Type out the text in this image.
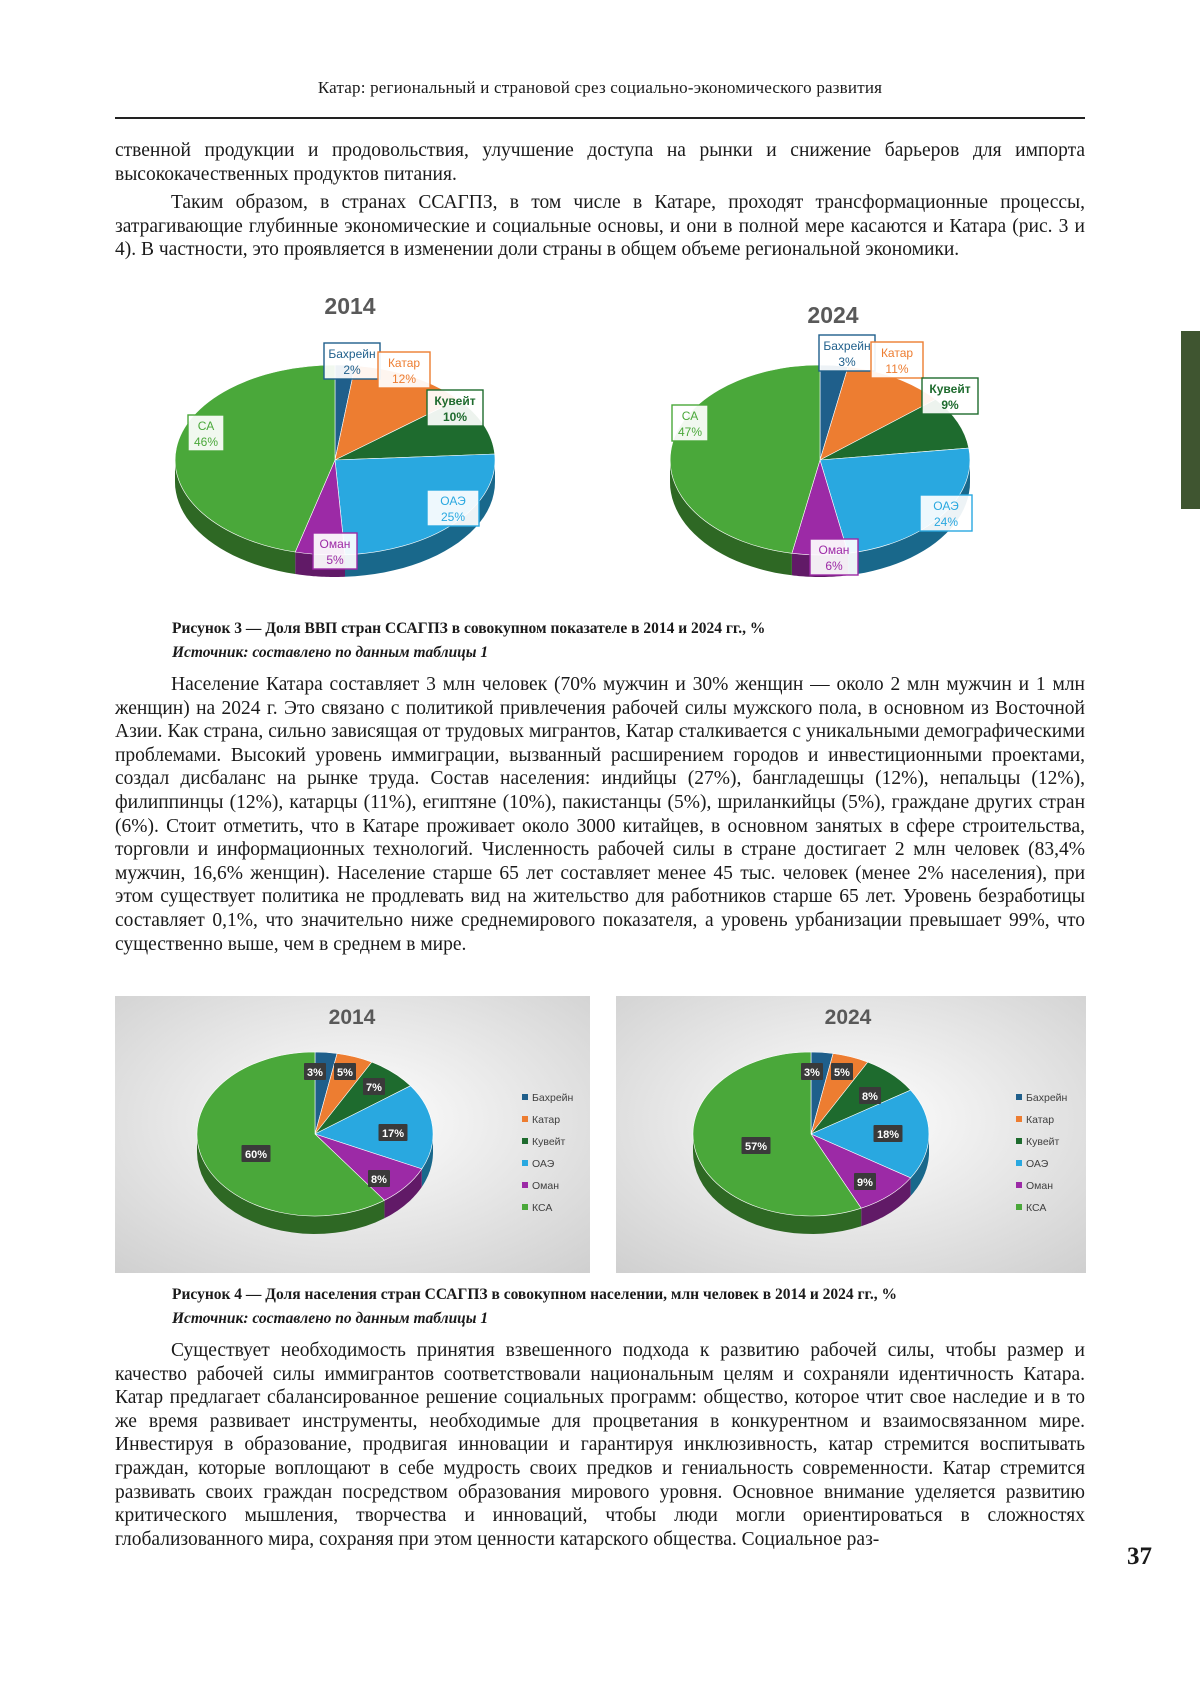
Катар: региональный и страновой срез социально-экономического развития

ственной продукции и продовольствия, улучшение доступа на рынки и снижение барьеров для импорта высококачественных продуктов питания.

Таким образом, в странах ССАГПЗ, в том числе в Катаре, проходят трансформационные процессы, затрагивающие глубинные экономические и социальные основы, и они в полной мере касаются и Катара (рис. 3 и 4). В частности, это проявляется в изменении доли страны в общем объеме региональной экономики.

2014
Бахрейн
2% Катар
12%
Кувейт
10%
ОАЭ
25%
Оман
5%
СА
46%
2024
Бахрейн
3%
Катар
11%
Кувейт
9%
ОАЭ
24%
Оман
6%
СА
47%
Рисунок 3 — Доля ВВП стран ССАГПЗ в совокупном показателе в 2014 и 2024 гг., %
Источник: составлено по данным таблицы 1

Население Катара составляет 3 млн человек (70% мужчин и 30% женщин — около 2 млн мужчин и 1 млн женщин) на 2024 г. Это связано с политикой привлечения рабочей силы мужского пола, в основном из Восточной Азии. Как страна, сильно зависящая от трудовых мигрантов, Катар сталкивается с уникальными демографическими проблемами. Высокий уровень иммиграции, вызванный расширением городов и инвестиционными проектами, создал дисбаланс на рынке труда. Состав населения: индийцы (27%), бангладешцы (12%), непальцы (12%), филиппинцы (12%), катарцы (11%), египтяне (10%), пакистанцы (5%), шриланкийцы (5%), граждане других стран (6%). Стоит отметить, что в Катаре проживает около 3000 китайцев, в основном занятых в сфере строительства, торговли и информационных технологий. Численность рабочей силы в стране достигает 2 млн человек (83,4% мужчин, 16,6% женщин). Население старше 65 лет составляет менее 45 тыс. человек (менее 2% населения), при этом существует политика не продлевать вид на жительство для работников старше 65 лет. Уровень безработицы составляет 0,1%, что значительно ниже среднемирового показателя, а уровень урбанизации превышает 99%, что существенно выше, чем в среднем в мире.

2014
3% 5%
7%
17%
8%
60%
Бахрейн
Катар
Кувейт
ОАЭ
Оман
КСА
2024
3% 5%
8%
18%
9%
57%
Бахрейн
Катар
Кувейт
ОАЭ
Оман
КСА
Рисунок 4 — Доля населения стран ССАГПЗ в совокупном населении, млн человек в 2014 и 2024 гг., %
Источник: составлено по данным таблицы 1

Существует необходимость принятия взвешенного подхода к развитию рабочей силы, чтобы размер и качество рабочей силы иммигрантов соответствовали национальным целям и сохраняли идентичность Катара. Катар предлагает сбалансированное решение социальных программ: общество, которое чтит свое наследие и в то же время развивает инструменты, необходимые для процветания в конкурентном и взаимосвязанном мире. Инвестируя в образование, продвигая инновации и гарантируя инклюзивность, катар стремится воспитывать граждан, которые воплощают в себе мудрость своих предков и гениальность современности. Катар стремится развивать своих граждан посредством образования мирового уровня. Основное внимание уделяется развитию критического мышления, творчества и инноваций, чтобы люди могли ориентироваться в сложностях глобализованного мира, сохраняя при этом ценности катарского общества. Социальное раз-

37
